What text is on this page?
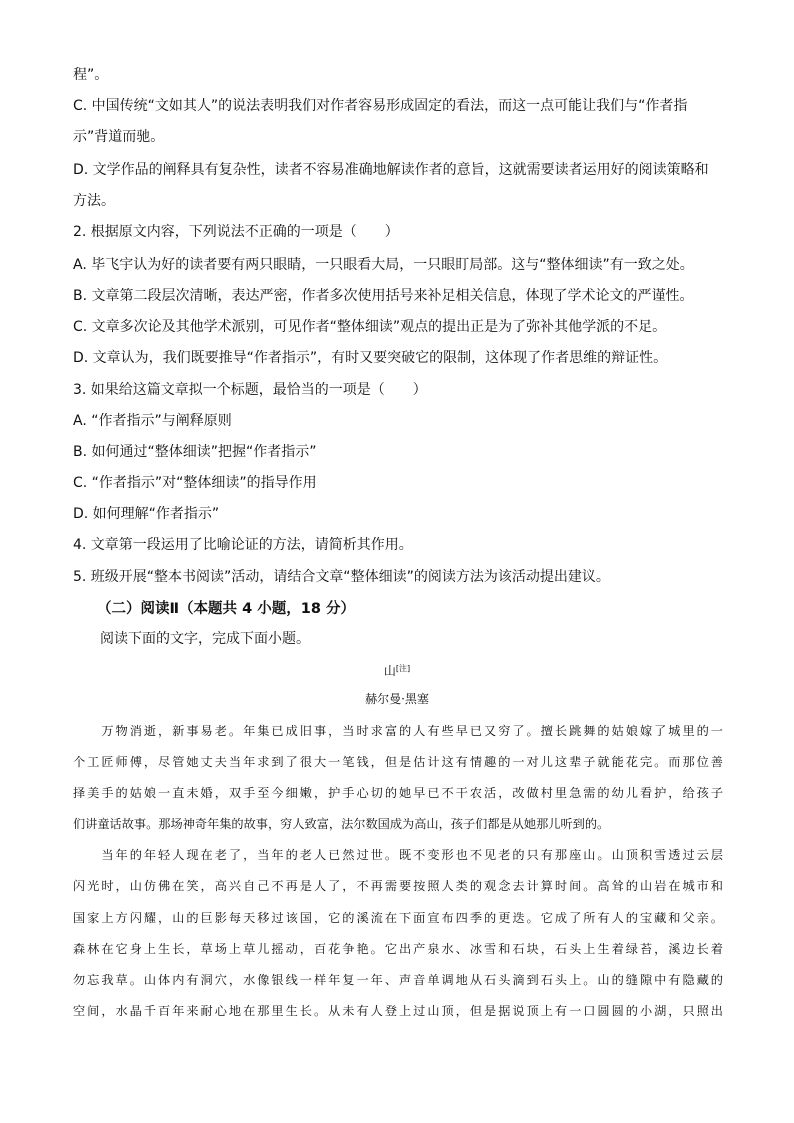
程”。
C. 中国传统“文如其人”的说法表明我们对作者容易形成固定的看法，而这一点可能让我们与“作者指
示”背道而驰。
D. 文学作品的阐释具有复杂性，读者不容易准确地解读作者的意旨，这就需要读者运用好的阅读策略和
方法。
2. 根据原文内容，下列说法不正确的一项是（　　）
A. 毕飞宇认为好的读者要有两只眼睛，一只眼看大局，一只眼盯局部。这与“整体细读”有一致之处。
B. 文章第二段层次清晰，表达严密，作者多次使用括号来补足相关信息，体现了学术论文的严谨性。
C. 文章多次论及其他学术派别，可见作者“整体细读”观点的提出正是为了弥补其他学派的不足。
D. 文章认为，我们既要推导“作者指示”，有时又要突破它的限制，这体现了作者思维的辩证性。
3. 如果给这篇文章拟一个标题，最恰当的一项是（　　）
A. “作者指示”与阐释原则
B. 如何通过“整体细读”把握“作者指示”
C. “作者指示”对“整体细读”的指导作用
D. 如何理解“作者指示”
4. 文章第一段运用了比喻论证的方法，请简析其作用。
5. 班级开展“整本书阅读”活动，请结合文章“整体细读”的阅读方法为该活动提出建议。
（二）阅读Ⅱ（本题共 4 小题，18 分）
阅读下面的文字，完成下面小题。
山[注]
赫尔曼·黑塞
　　万物消逝，新事易老。年集已成旧事，当时求富的人有些早已又穷了。擅长跳舞的姑娘嫁了城里的一
个工匠师傅，尽管她丈夫当年求到了很大一笔钱，但是估计这有情趣的一对儿这辈子就能花完。而那位善
择美手的姑娘一直未婚，双手至今细嫩，护手心切的她早已不干农活，改做村里急需的幼儿看护，给孩子
们讲童话故事。那场神奇年集的故事，穷人致富，法尔数国成为高山，孩子们都是从她那儿听到的。
　　当年的年轻人现在老了，当年的老人已然过世。既不变形也不见老的只有那座山。山顶积雪透过云层
闪光时，山仿佛在笑，高兴自己不再是人了，不再需要按照人类的观念去计算时间。高耸的山岩在城市和
国家上方闪耀，山的巨影每天移过该国，它的溪流在下面宣布四季的更迭。它成了所有人的宝藏和父亲。
森林在它身上生长，草场上草儿摇动，百花争艳。它出产泉水、冰雪和石块，石头上生着绿苔，溪边长着
勿忘我草。山体内有洞穴，水像银线一样年复一年、声音单调地从石头滴到石头上。山的缝隙中有隐藏的
空间，水晶千百年来耐心地在那里生长。从未有人登上过山顶，但是据说顶上有一口圆圆的小湖，只照出
